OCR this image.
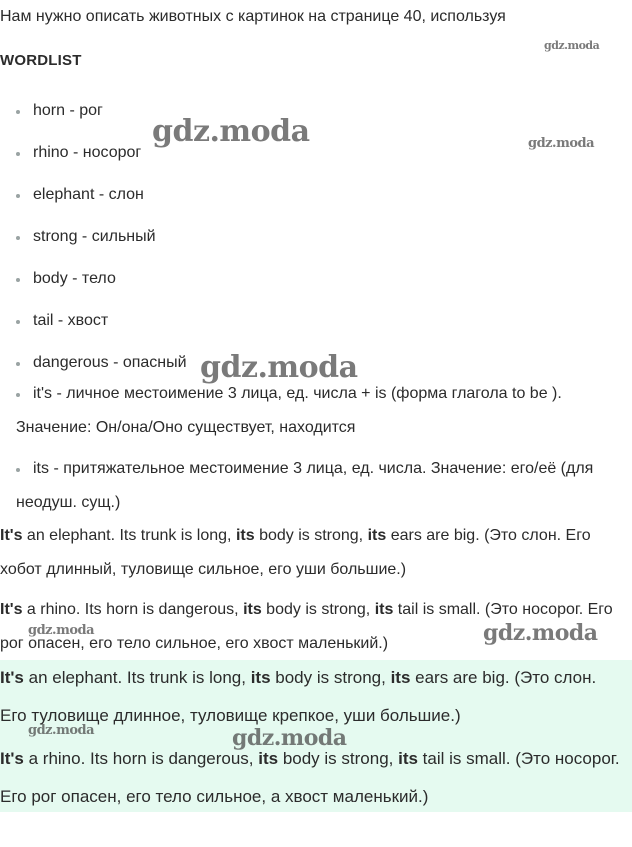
Нам нужно описать животных с картинок на странице 40, используя
WORDLIST
horn - рог
rhino - носорог
elephant - слон
strong - сильный
body - тело
tail - хвост
dangerous - опасный
it's - личное местоимение 3 лица, ед. числа + is (форма глагола to be ). Значение: Он/она/Оно существует, находится
its - притяжательное местоимение 3 лица, ед. числа. Значение: его/её (для неодуш. сущ.)
It's an elephant. Its trunk is long, its body is strong, its ears are big. (Это слон. Его хобот длинный, туловище сильное, его уши большие.)
It's a rhino. Its horn is dangerous, its body is strong, its tail is small. (Это носорог. Его рог опасен, его тело сильное, его хвост маленький.)
It's an elephant. Its trunk is long, its body is strong, its ears are big. (Это слон. Его туловище длинное, туловище крепкое, уши большие.)
It's a rhino. Its horn is dangerous, its body is strong, its tail is small. (Это носорог. Его рог опасен, его тело сильное, а хвост маленький.)
gdz.moda
gdz.moda	gdz.moda
gdz.moda
gdz.moda	gdz.moda
gdz.moda	gdz.moda
